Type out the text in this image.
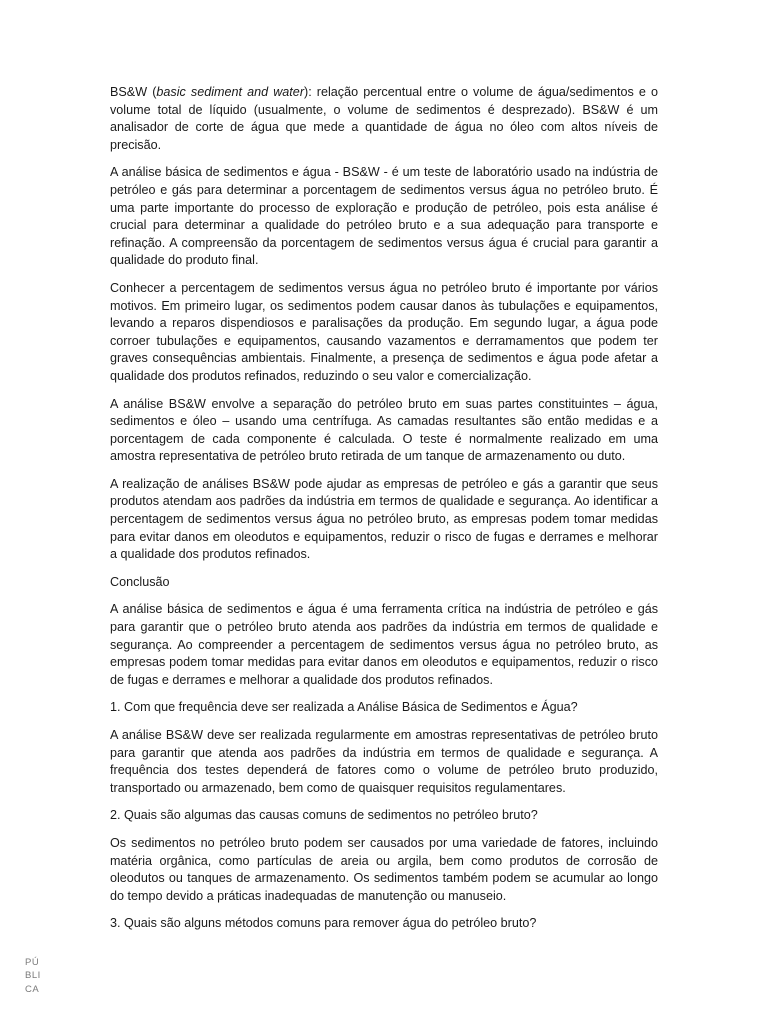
BS&W (basic sediment and water): relação percentual entre o volume de água/sedimentos e o volume total de líquido (usualmente, o volume de sedimentos é desprezado). BS&W é um analisador de corte de água que mede a quantidade de água no óleo com altos níveis de precisão.

A análise básica de sedimentos e água - BS&W - é um teste de laboratório usado na indústria de petróleo e gás para determinar a porcentagem de sedimentos versus água no petróleo bruto. É uma parte importante do processo de exploração e produção de petróleo, pois esta análise é crucial para determinar a qualidade do petróleo bruto e a sua adequação para transporte e refinação. A compreensão da porcentagem de sedimentos versus água é crucial para garantir a qualidade do produto final.

Conhecer a percentagem de sedimentos versus água no petróleo bruto é importante por vários motivos. Em primeiro lugar, os sedimentos podem causar danos às tubulações e equipamentos, levando a reparos dispendiosos e paralisações da produção. Em segundo lugar, a água pode corroer tubulações e equipamentos, causando vazamentos e derramamentos que podem ter graves consequências ambientais. Finalmente, a presença de sedimentos e água pode afetar a qualidade dos produtos refinados, reduzindo o seu valor e comercialização.

A análise BS&W envolve a separação do petróleo bruto em suas partes constituintes – água, sedimentos e óleo – usando uma centrífuga. As camadas resultantes são então medidas e a porcentagem de cada componente é calculada. O teste é normalmente realizado em uma amostra representativa de petróleo bruto retirada de um tanque de armazenamento ou duto.

A realização de análises BS&W pode ajudar as empresas de petróleo e gás a garantir que seus produtos atendam aos padrões da indústria em termos de qualidade e segurança. Ao identificar a percentagem de sedimentos versus água no petróleo bruto, as empresas podem tomar medidas para evitar danos em oleodutos e equipamentos, reduzir o risco de fugas e derrames e melhorar a qualidade dos produtos refinados.

Conclusão

A análise básica de sedimentos e água é uma ferramenta crítica na indústria de petróleo e gás para garantir que o petróleo bruto atenda aos padrões da indústria em termos de qualidade e segurança. Ao compreender a percentagem de sedimentos versus água no petróleo bruto, as empresas podem tomar medidas para evitar danos em oleodutos e equipamentos, reduzir o risco de fugas e derrames e melhorar a qualidade dos produtos refinados.

1. Com que frequência deve ser realizada a Análise Básica de Sedimentos e Água?

A análise BS&W deve ser realizada regularmente em amostras representativas de petróleo bruto para garantir que atenda aos padrões da indústria em termos de qualidade e segurança. A frequência dos testes dependerá de fatores como o volume de petróleo bruto produzido, transportado ou armazenado, bem como de quaisquer requisitos regulamentares.

2. Quais são algumas das causas comuns de sedimentos no petróleo bruto?

Os sedimentos no petróleo bruto podem ser causados por uma variedade de fatores, incluindo matéria orgânica, como partículas de areia ou argila, bem como produtos de corrosão de oleodutos ou tanques de armazenamento. Os sedimentos também podem se acumular ao longo do tempo devido a práticas inadequadas de manutenção ou manuseio.

3. Quais são alguns métodos comuns para remover água do petróleo bruto?

PÚ
BLI
CA
